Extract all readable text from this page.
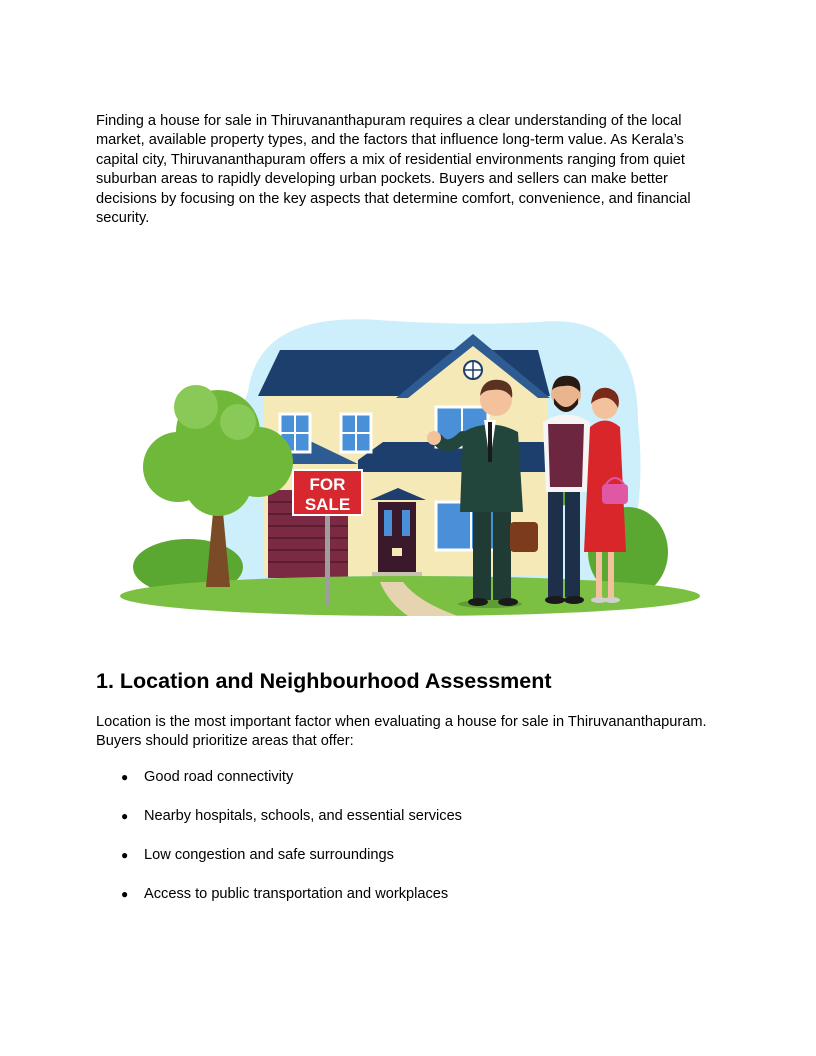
Finding a house for sale in Thiruvananthapuram requires a clear understanding of the local market, available property types, and the factors that influence long-term value. As Kerala’s capital city, Thiruvananthapuram offers a mix of residential environments ranging from quiet suburban areas to rapidly developing urban pockets. Buyers and sellers can make better decisions by focusing on the key aspects that determine comfort, convenience, and financial security.

FOR
SALE
1. Location and Neighbourhood Assessment

Location is the most important factor when evaluating a house for sale in Thiruvananthapuram. Buyers should prioritize areas that offer:

● Good road connectivity
● Nearby hospitals, schools, and essential services
● Low congestion and safe surroundings
● Access to public transportation and workplaces
